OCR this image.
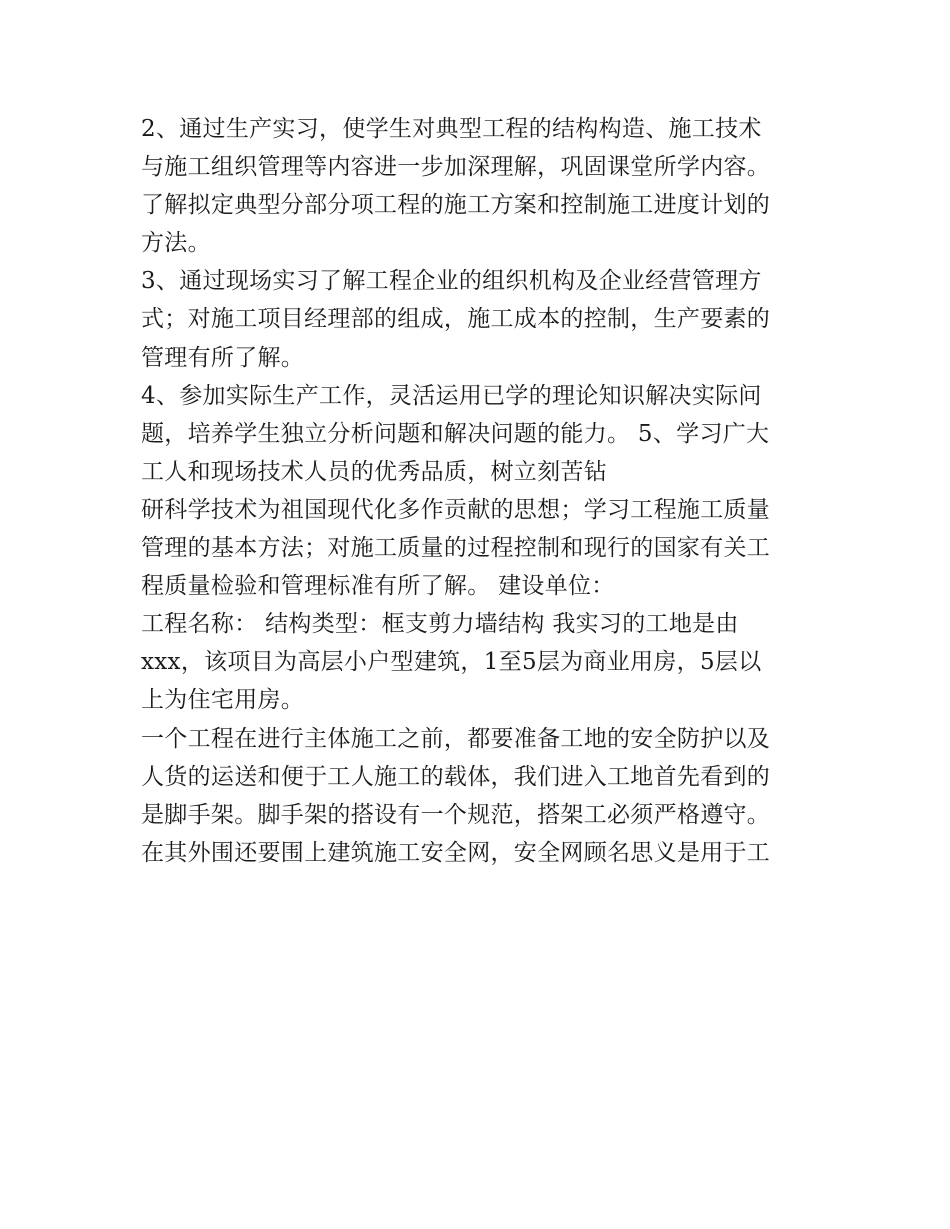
2、通过生产实习，使学生对典型工程的结构构造、施工技术
与施工组织管理等内容进一步加深理解，巩固课堂所学内容。
了解拟定典型分部分项工程的施工方案和控制施工进度计划的
方法。
3、通过现场实习了解工程企业的组织机构及企业经营管理方
式；对施工项目经理部的组成，施工成本的控制，生产要素的
管理有所了解。
4、参加实际生产工作，灵活运用已学的理论知识解决实际问
题，培养学生独立分析问题和解决问题的能力。 5、学习广大
工人和现场技术人员的优秀品质，树立刻苦钻
研科学技术为祖国现代化多作贡献的思想；学习工程施工质量
管理的基本方法；对施工质量的过程控制和现行的国家有关工
程质量检验和管理标准有所了解。 建设单位：
工程名称： 结构类型：框支剪力墙结构 我实习的工地是由
xxx，该项目为高层小户型建筑，1至5层为商业用房，5层以
上为住宅用房。
一个工程在进行主体施工之前，都要准备工地的安全防护以及
人货的运送和便于工人施工的载体，我们进入工地首先看到的
是脚手架。脚手架的搭设有一个规范，搭架工必须严格遵守。
在其外围还要围上建筑施工安全网，安全网顾名思义是用于工
